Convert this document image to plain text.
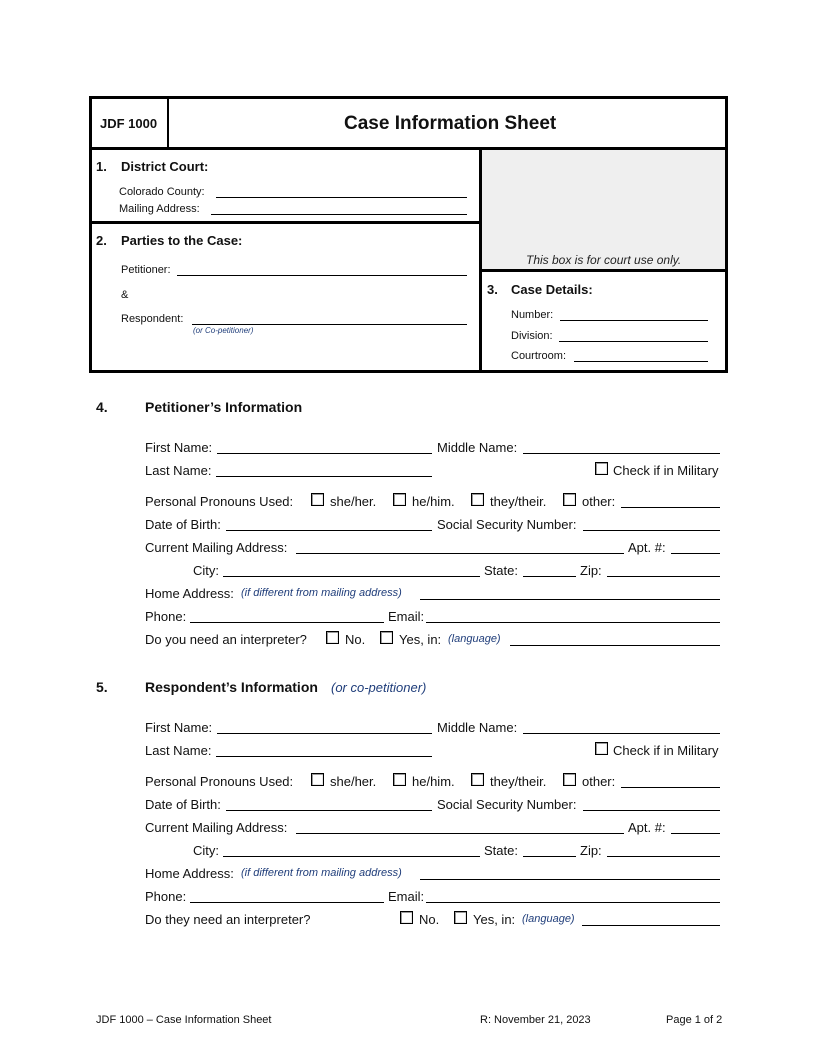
JDF 1000	Case Information Sheet
1. District Court:
Colorado County:
Mailing Address:
This box is for court use only.
2. Parties to the Case:
Petitioner:
&
Respondent:
(or Co-petitioner)
3. Case Details:
Number:
Division:
Courtroom:
4.	Petitioner’s Information
First Name:	Middle Name:
Last Name:	Check if in Military
Personal Pronouns Used:	she/her.	he/him.	they/their.	other:
Date of Birth:	Social Security Number:
Current Mailing Address:	Apt. #:
City:	State:	Zip:
Home Address: (if different from mailing address)
Phone:	Email:
Do you need an interpreter?	No.	Yes, in: (language)
5.	Respondent’s Information (or co-petitioner)
First Name:	Middle Name:
Last Name:	Check if in Military
Personal Pronouns Used:	she/her.	he/him.	they/their.	other:
Date of Birth:	Social Security Number:
Current Mailing Address:	Apt. #:
City:	State:	Zip:
Home Address: (if different from mailing address)
Phone:	Email:
Do they need an interpreter?	No.	Yes, in: (language)
JDF 1000 – Case Information Sheet	R: November 21, 2023	Page 1 of 2
